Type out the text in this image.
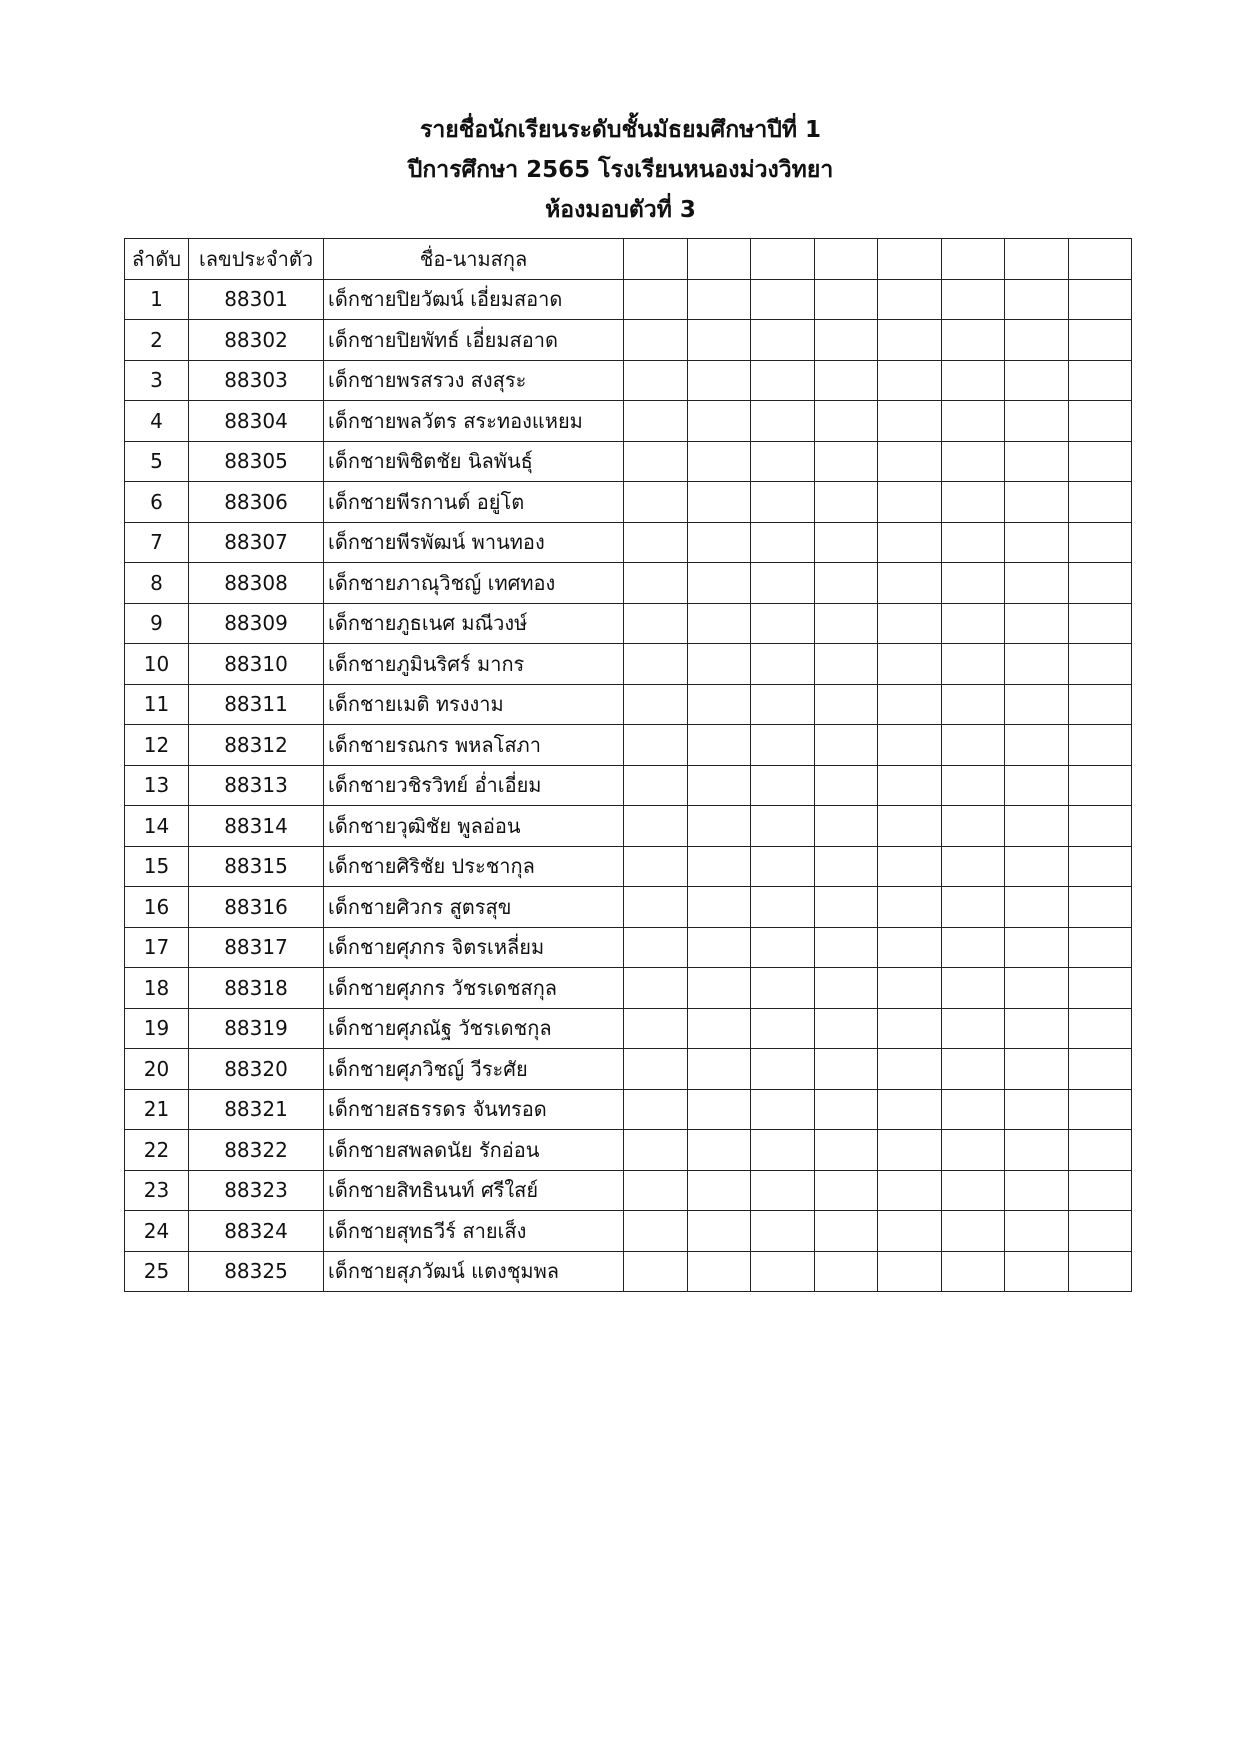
รายชื่อนักเรียนระดับชั้นมัธยมศึกษาปีที่ 1
ปีการศึกษา 2565 โรงเรียนหนองม่วงวิทยา
ห้องมอบตัวที่ 3
ลำดับ	เลขประจำตัว	ชื่อ-นามสกุล								
1	88301	เด็กชายปิยวัฒน์ เอี่ยมสอาด								
2	88302	เด็กชายปิยพัทธ์ เอี่ยมสอาด								
3	88303	เด็กชายพรสรวง สงสุระ								
4	88304	เด็กชายพลวัตร สระทองแหยม								
5	88305	เด็กชายพิชิตชัย นิลพันธุ์								
6	88306	เด็กชายพีรกานต์ อยู่โต								
7	88307	เด็กชายพีรพัฒน์ พานทอง								
8	88308	เด็กชายภาณุวิชญ์ เทศทอง								
9	88309	เด็กชายภูธเนศ มณีวงษ์								
10	88310	เด็กชายภูมินริศร์ มากร								
11	88311	เด็กชายเมติ ทรงงาม								
12	88312	เด็กชายรณกร พหลโสภา								
13	88313	เด็กชายวชิรวิทย์ อ่ำเอี่ยม								
14	88314	เด็กชายวุฒิชัย พูลอ่อน								
15	88315	เด็กชายศิริชัย ประชากุล								
16	88316	เด็กชายศิวกร สูตรสุข								
17	88317	เด็กชายศุภกร จิตรเหลี่ยม								
18	88318	เด็กชายศุภกร วัชรเดชสกุล								
19	88319	เด็กชายศุภณัฐ วัชรเดชกุล								
20	88320	เด็กชายศุภวิชญ์ วีระศัย								
21	88321	เด็กชายสธรรดร จันทรอด								
22	88322	เด็กชายสพลดนัย รักอ่อน								
23	88323	เด็กชายสิทธินนท์ ศรีใสย์								
24	88324	เด็กชายสุทธวีร์ สายเส็ง								
25	88325	เด็กชายสุภวัฒน์ แตงชุมพล								
